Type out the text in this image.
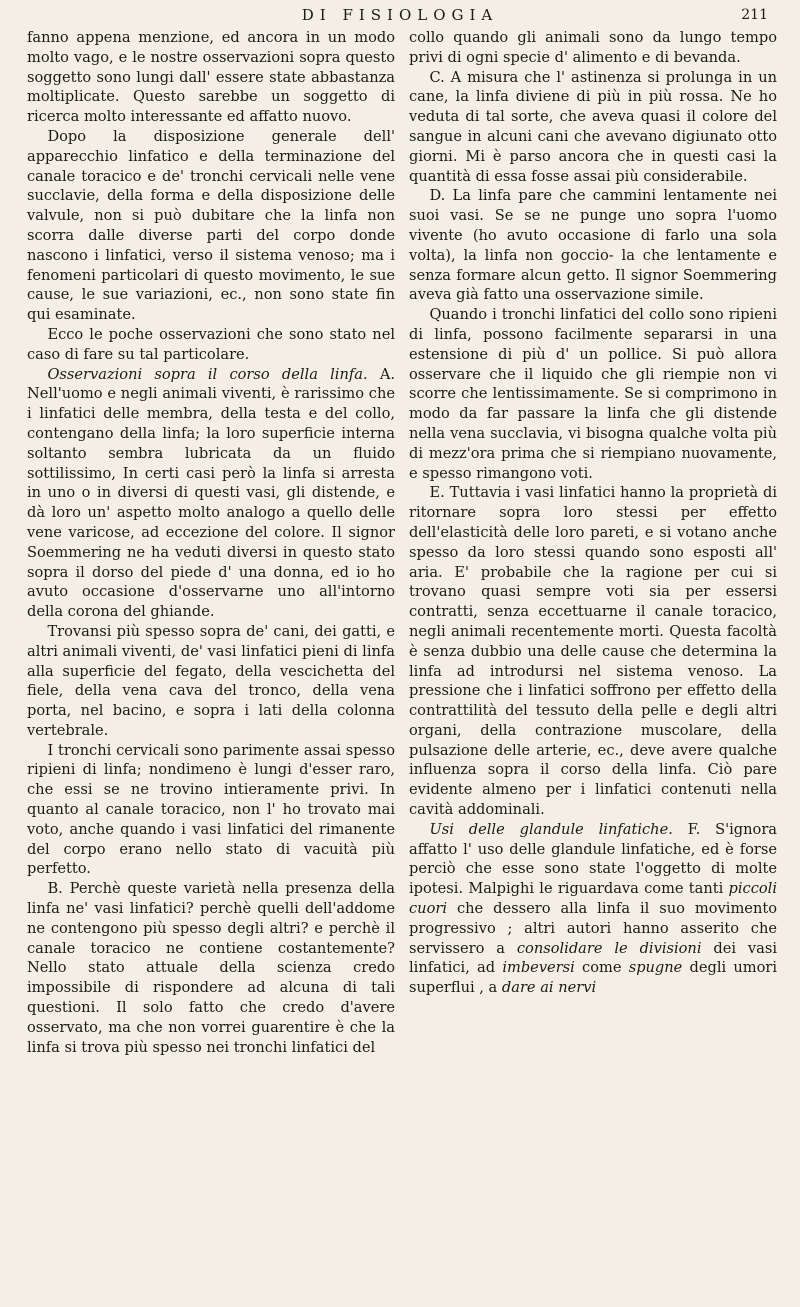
DI FISIOLOGIA	211

fanno appena menzione, ed ancora in un modo molto vago, e le nostre osservazioni sopra questo soggetto sono lungi dall' essere state abbastanza moltiplicate. Questo sarebbe un soggetto di ricerca molto interessante ed affatto nuovo.

Dopo la disposizione generale dell' apparecchio linfatico e della terminazione del canale toracico e de' tronchi cervicali nelle vene succlavie, della forma e della disposizione delle valvule, non si può dubitare che la linfa non scorra dalle diverse parti del corpo donde nascono i linfatici, verso il sistema venoso; ma i fenomeni particolari di questo movimento, le sue cause, le sue variazioni, ec., non sono state fin qui esaminate.

Ecco le poche osservazioni che sono stato nel caso di fare su tal particolare.

Osservazioni sopra il corso della linfa. A. Nell'uomo e negli animali viventi, è rarissimo che i linfatici delle membra, della testa e del collo, contengano della linfa; la loro superficie interna soltanto sembra lubricata da un fluido sottilissimo, In certi casi però la linfa si arresta in uno o in diversi di questi vasi, gli distende, e dà loro un' aspetto molto analogo a quello delle vene varicose, ad eccezione del colore. Il signor Soemmering ne ha veduti diversi in questo stato sopra il dorso del piede d' una donna, ed io ho avuto occasione d'osservarne uno all'intorno della corona del ghiande.

Trovansi più spesso sopra de' cani, dei gatti, e altri animali viventi, de' vasi linfatici pieni di linfa alla superficie del fegato, della vescichetta del fiele, della vena cava del tronco, della vena porta, nel bacino, e sopra i lati della colonna vertebrale.

I tronchi cervicali sono parimente assai spesso ripieni di linfa; nondimeno è lungi d'esser raro, che essi se ne trovino intieramente privi. In quanto al canale toracico, non l' ho trovato mai voto, anche quando i vasi linfatici del rimanente del corpo erano nello stato di vacuità più perfetto.

B. Perchè queste varietà nella presenza della linfa ne' vasi linfatici? perchè quelli dell'addome ne contengono più spesso degli altri? e perchè il canale toracico ne contiene costantemente? Nello stato attuale della scienza credo impossibile di rispondere ad alcuna di tali questioni. Il solo fatto che credo d'avere osservato, ma che non vorrei guarentire è che la linfa si trova più spesso nei tronchi linfatici del

collo quando gli animali sono da lungo tempo privi di ogni specie d' alimento e di bevanda.

C. A misura che l' astinenza si prolunga in un cane, la linfa diviene di più in più rossa. Ne ho veduta di tal sorte, che aveva quasi il colore del sangue in alcuni cani che avevano digiunato otto giorni. Mi è parso ancora che in questi casi la quantità di essa fosse assai più considerabile.

D. La linfa pare che cammini lentamente nei suoi vasi. Se se ne punge uno sopra l'uomo vivente (ho avuto occasione di farlo una sola volta), la linfa non goccio- la che lentamente e senza formare alcun getto. Il signor Soemmering aveva già fatto una osservazione simile.

Quando i tronchi linfatici del collo sono ripieni di linfa, possono facilmente separarsi in una estensione di più d' un pollice. Si può allora osservare che il liquido che gli riempie non vi scorre che lentissimamente. Se si comprimono in modo da far passare la linfa che gli distende nella vena succlavia, vi bisogna qualche volta più di mezz'ora prima che si riempiano nuovamente, e spesso rimangono voti.

E. Tuttavia i vasi linfatici hanno la proprietà di ritornare sopra loro stessi per effetto dell'elasticità delle loro pareti, e si votano anche spesso da loro stessi quando sono esposti all' aria. E' probabile che la ragione per cui si trovano quasi sempre voti sia per essersi contratti, senza eccettuarne il canale toracico, negli animali recentemente morti. Questa facoltà è senza dubbio una delle cause che determina la linfa ad introdursi nel sistema venoso. La pressione che i linfatici soffrono per effetto della contrattilità del tessuto della pelle e degli altri organi, della contrazione muscolare, della pulsazione delle arterie, ec., deve avere qualche influenza sopra il corso della linfa. Ciò pare evidente almeno per i linfatici contenuti nella cavità addominali.

Usi delle glandule linfatiche. F. S'ignora affatto l' uso delle glandule linfatiche, ed è forse perciò che esse sono state l'oggetto di molte ipotesi. Malpighi le riguardava come tanti piccoli cuori che dessero alla linfa il suo movimento progressivo ; altri autori hanno asserito che servissero a consolidare le divisioni dei vasi linfatici, ad imbeversi come spugne degli umori superflui , a dare ai nervi
